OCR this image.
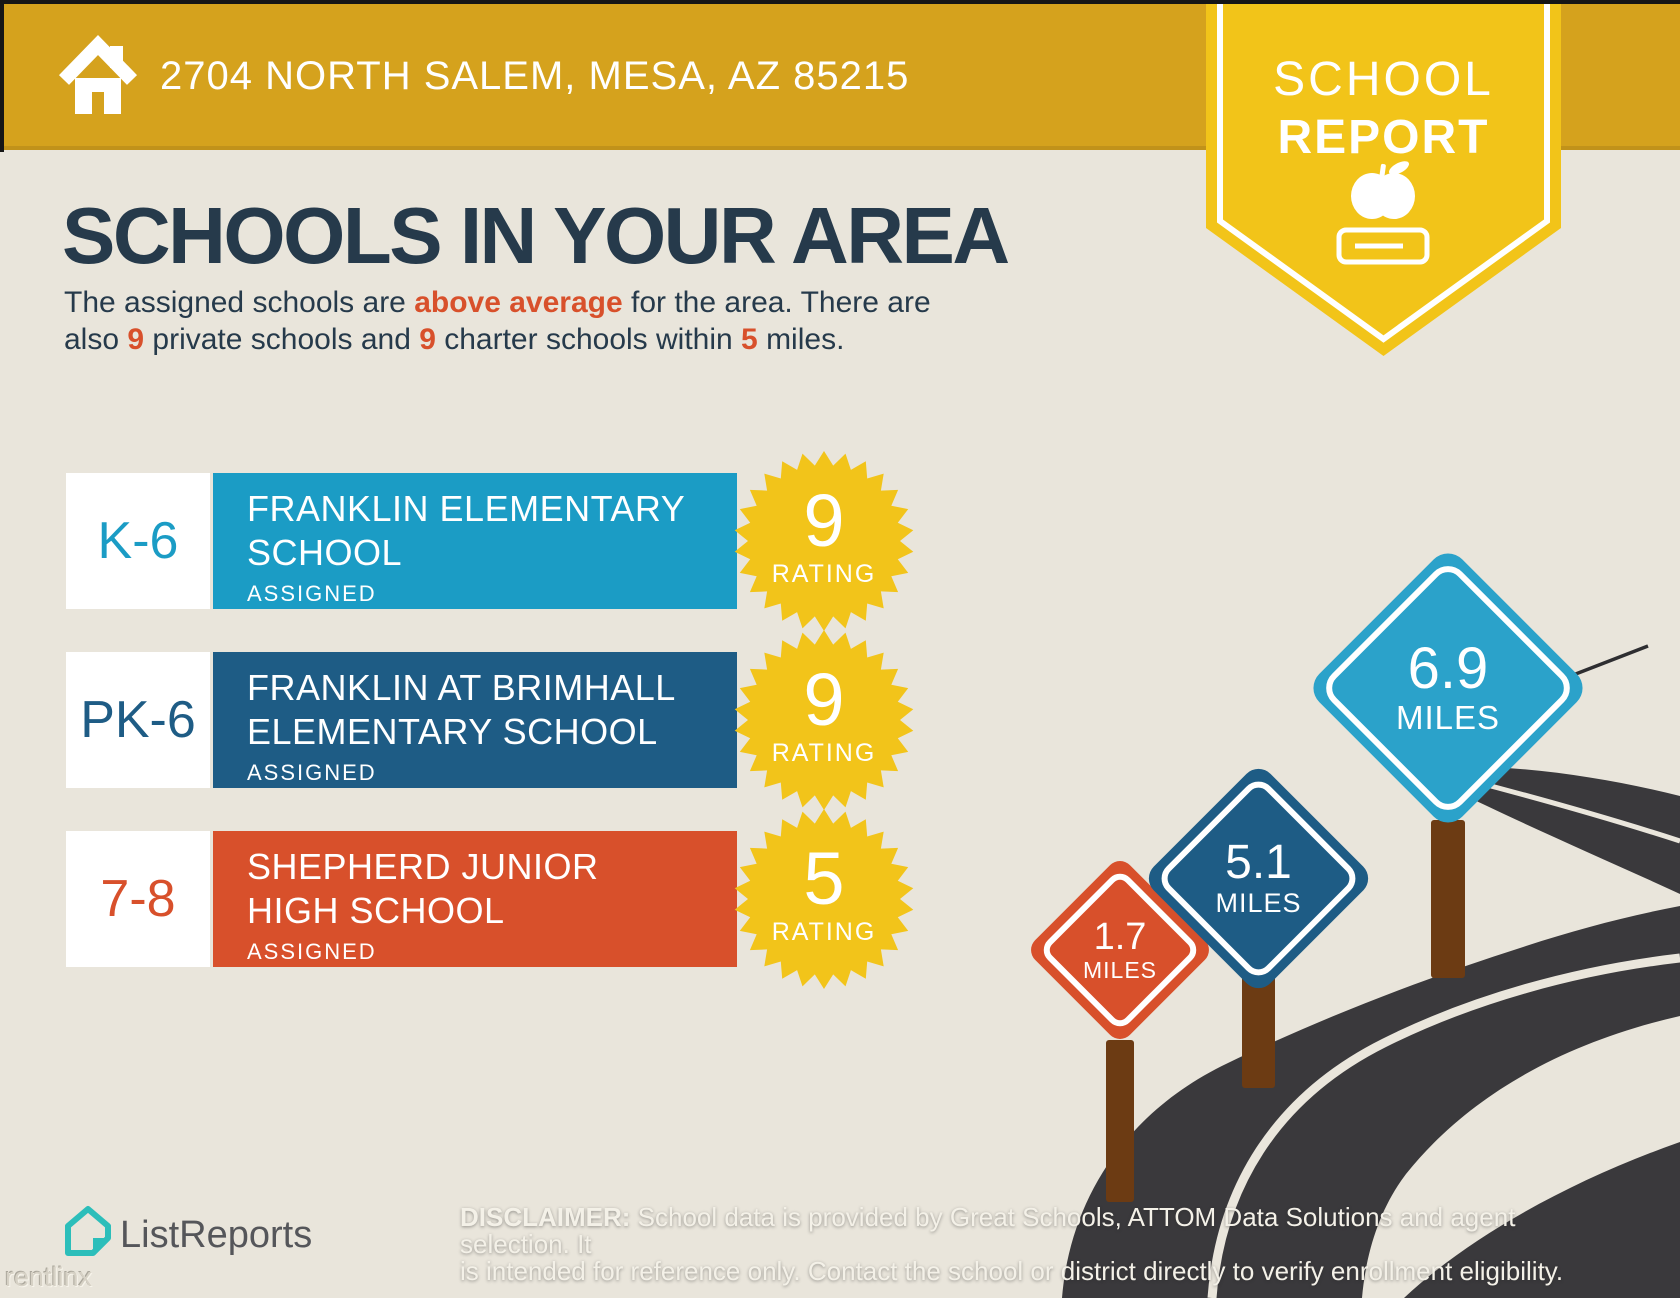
2704 NORTH SALEM, MESA, AZ 85215	SCHOOL
REPORT
SCHOOLS IN YOUR AREA
The assigned schools are above average for the area. There are
also 9 private schools and 9 charter schools within 5 miles.
K-6
FRANKLIN ELEMENTARY
SCHOOL
ASSIGNED
PK-6
FRANKLIN AT BRIMHALL
ELEMENTARY SCHOOL
ASSIGNED
7-8
SHEPHERD JUNIOR
HIGH SCHOOL
ASSIGNED
9
RATING
9
RATING
5
RATING	1.7
MILES
5.1
MILES
6.9
MILES
ListReports
rentlinx
DISCLAIMER: School data is provided by Great Schools, ATTOM Data Solutions and agent selection. It
is intended for reference only. Contact the school or district directly to verify enrollment eligibility.
